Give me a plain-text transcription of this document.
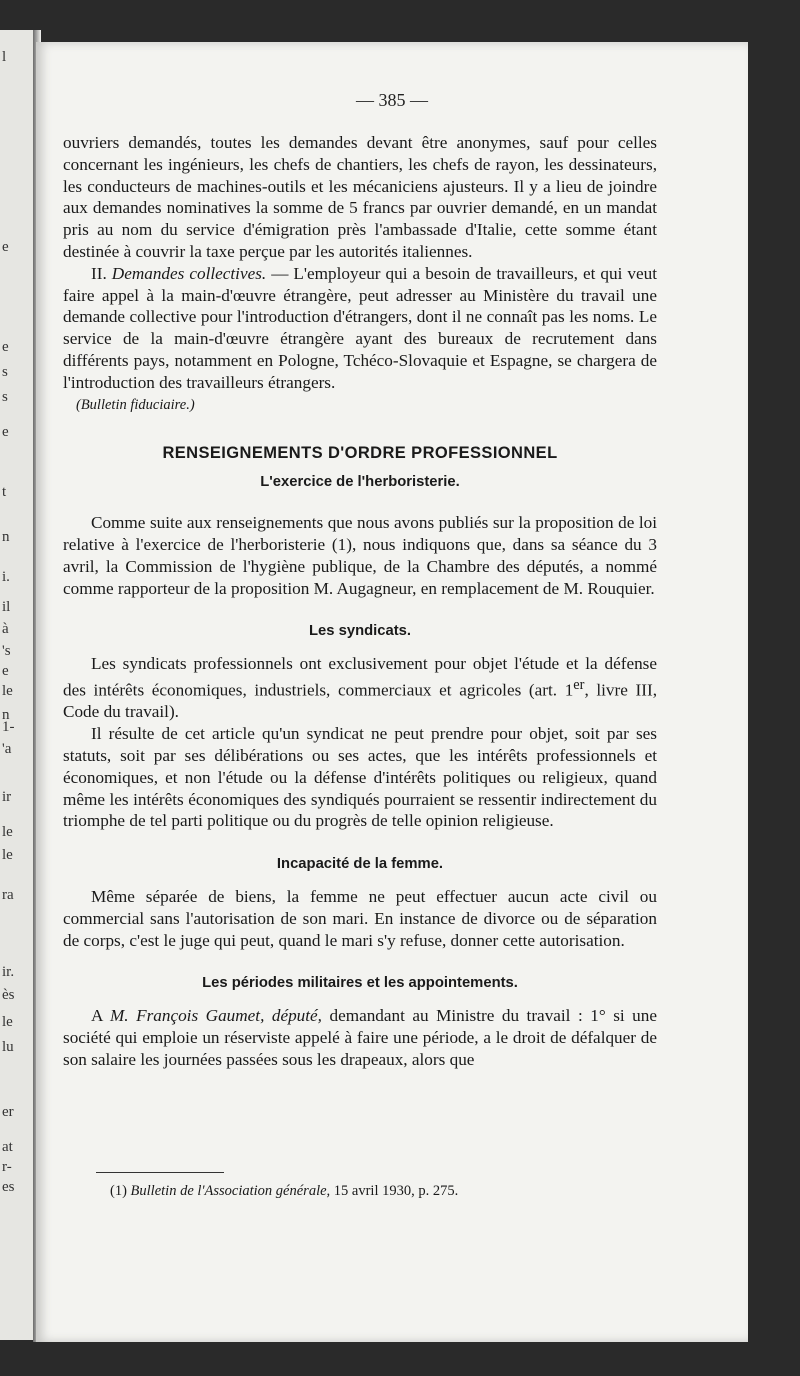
l
e
e
s
s
e
t
n
i.
il
à
's
e
le
n
1-
'a
ir
le
le
ra
ir.
ès
le
lu
er
at
r-
es
— 385 —

ouvriers demandés, toutes les demandes devant être anonymes, sauf pour celles concernant les ingénieurs, les chefs de chantiers, les chefs de rayon, les dessinateurs, les conducteurs de machines-outils et les mécaniciens ajusteurs. Il y a lieu de joindre aux demandes nominatives la somme de 5 francs par ouvrier demandé, en un mandat pris au nom du service d'émigration près l'ambassade d'Italie, cette somme étant destinée à couvrir la taxe perçue par les autorités italiennes.

II. Demandes collectives. — L'employeur qui a besoin de travailleurs, et qui veut faire appel à la main-d'œuvre étrangère, peut adresser au Ministère du travail une demande collective pour l'introduction d'étrangers, dont il ne connaît pas les noms. Le service de la main-d'œuvre étrangère ayant des bureaux de recrutement dans différents pays, notamment en Pologne, Tchéco-Slovaquie et Espagne, se chargera de l'introduction des travailleurs étrangers.

(Bulletin fiduciaire.)

RENSEIGNEMENTS D'ORDRE PROFESSIONNEL

L'exercice de l'herboristerie.

Comme suite aux renseignements que nous avons publiés sur la proposition de loi relative à l'exercice de l'herboristerie (1), nous indiquons que, dans sa séance du 3 avril, la Commission de l'hygiène publique, de la Chambre des députés, a nommé comme rapporteur de la proposition M. Augagneur, en remplacement de M. Rouquier.

Les syndicats.

Les syndicats professionnels ont exclusivement pour objet l'étude et la défense des intérêts économiques, industriels, commerciaux et agricoles (art. 1er, livre III, Code du travail).

Il résulte de cet article qu'un syndicat ne peut prendre pour objet, soit par ses statuts, soit par ses délibérations ou ses actes, que les intérêts professionnels et économiques, et non l'étude ou la défense d'intérêts politiques ou religieux, quand même les intérêts économiques des syndiqués pourraient se ressentir indirectement du triomphe de tel parti politique ou du progrès de telle opinion religieuse.

Incapacité de la femme.

Même séparée de biens, la femme ne peut effectuer aucun acte civil ou commercial sans l'autorisation de son mari. En instance de divorce ou de séparation de corps, c'est le juge qui peut, quand le mari s'y refuse, donner cette autorisation.

Les périodes militaires et les appointements.

A M. François Gaumet, député, demandant au Ministre du travail : 1° si une société qui emploie un réserviste appelé à faire une période, a le droit de défalquer de son salaire les journées passées sous les drapeaux, alors que

(1) Bulletin de l'Association générale, 15 avril 1930, p. 275.
